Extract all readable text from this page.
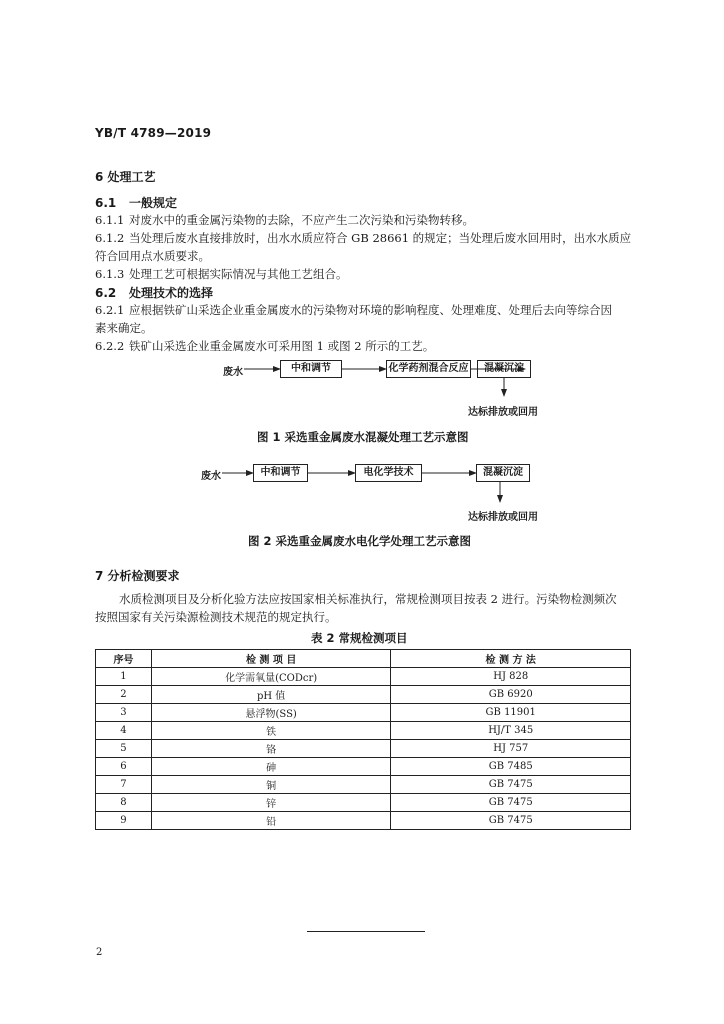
YB/T 4789—2019
6 处理工艺
6.1 一般规定
6.1.1 对废水中的重金属污染物的去除，不应产生二次污染和污染物转移。
6.1.2 当处理后废水直接排放时，出水水质应符合 GB 28661 的规定；当处理后废水回用时，出水水质应
符合回用点水质要求。
6.1.3 处理工艺可根据实际情况与其他工艺组合。
6.2 处理技术的选择
6.2.1 应根据铁矿山采选企业重金属废水的污染物对环境的影响程度、处理难度、处理后去向等综合因
素来确定。
6.2.2 铁矿山采选企业重金属废水可采用图 1 或图 2 所示的工艺。
废水	中和调节	化学药剂混合反应	混凝沉淀
达标排放或回用
图 1 采选重金属废水混凝处理工艺示意图
废水	中和调节	电化学技术	混凝沉淀
达标排放或回用
图 2 采选重金属废水电化学处理工艺示意图
7 分析检测要求
水质检测项目及分析化验方法应按国家相关标准执行，常规检测项目按表 2 进行。污染物检测频次
按照国家有关污染源检测技术规范的规定执行。
表 2 常规检测项目
序号	检 测 项 目	检 测 方 法
1	化学需氧量(CODcr)	HJ 828
2	pH 值	GB 6920
3	悬浮物(SS)	GB 11901
4	铁	HJ/T 345
5	铬	HJ 757
6	砷	GB 7485
7	铜	GB 7475
8	锌	GB 7475
9	铅	GB 7475
2
